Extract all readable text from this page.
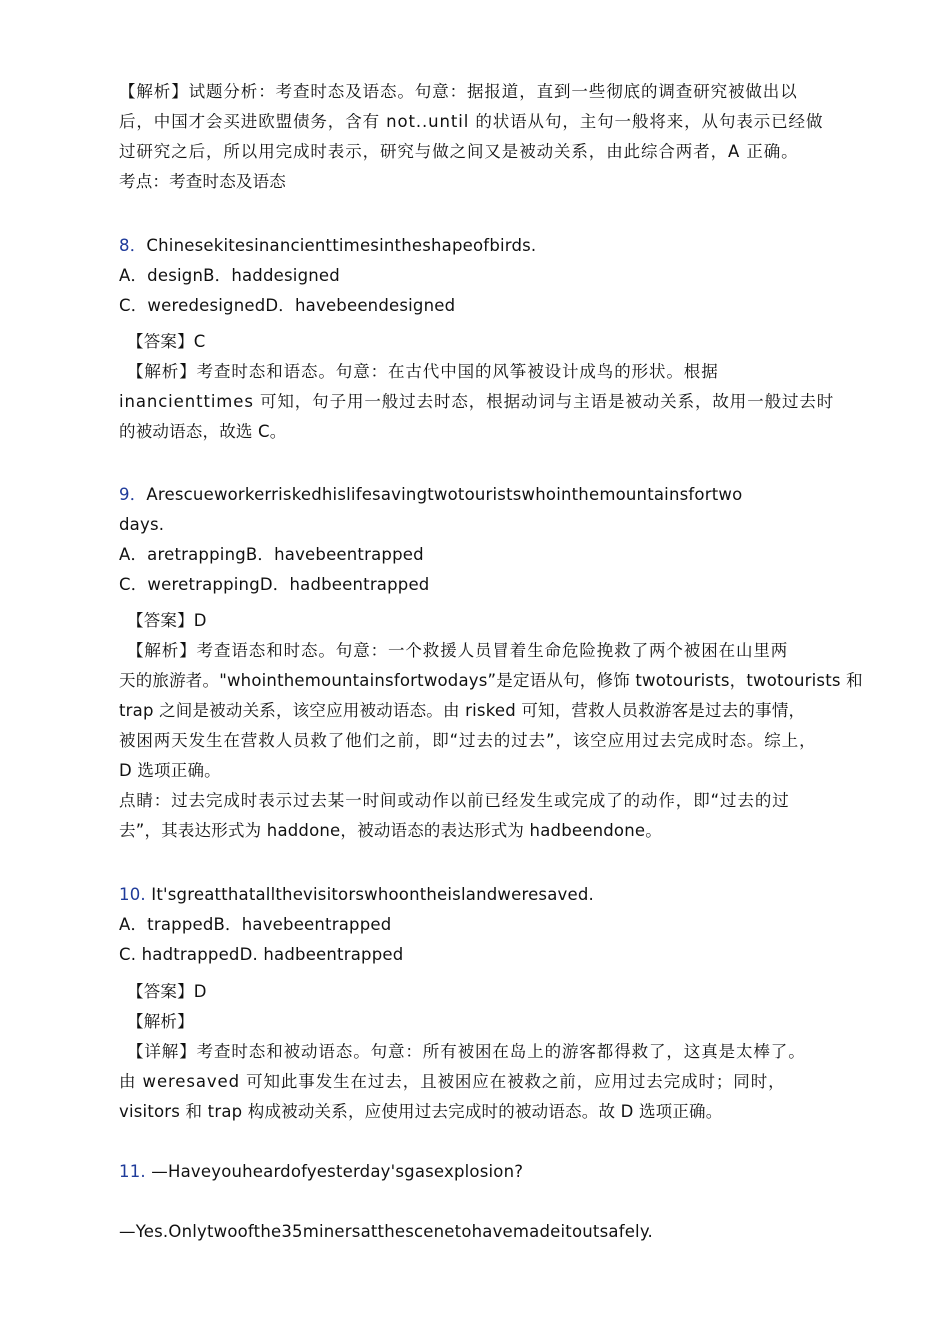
【解析】试题分析：考查时态及语态。句意：据报道，直到一些彻底的调查研究被做出以
后，中国才会买进欧盟债务，含有 not..until 的状语从句，主句一般将来，从句表示已经做
过研究之后，所以用完成时表示，研究与做之间又是被动关系，由此综合两者，A 正确。
考点：考查时态及语态
8．Chinesekitesinancienttimesintheshapeofbirds.
A．designB．haddesigned
C．weredesignedD．havebeendesigned
【答案】C
【解析】考查时态和语态。句意：在古代中国的风筝被设计成鸟的形状。根据
inancienttimes 可知，句子用一般过去时态，根据动词与主语是被动关系，故用一般过去时
的被动语态，故选 C。
9．Arescueworkerriskedhislifesavingtwotouristswhointhemountainsfortwo
days.
A．aretrappingB．havebeentrapped
C．weretrappingD．hadbeentrapped
【答案】D
【解析】考查语态和时态。句意：一个救援人员冒着生命危险挽救了两个被困在山里两
天的旅游者。"whointhemountainsfortwodays”是定语从句，修饰 twotourists，twotourists 和
trap 之间是被动关系，该空应用被动语态。由 risked 可知，营救人员救游客是过去的事情，
被困两天发生在营救人员救了他们之前，即“过去的过去”，该空应用过去完成时态。综上，
D 选项正确。
点睛：过去完成时表示过去某一时间或动作以前已经发生或完成了的动作，即“过去的过
去”，其表达形式为 haddone，被动语态的表达形式为 hadbeendone。
10. It'sgreatthatallthevisitorswhoontheislandweresaved.
A．trappedB．havebeentrapped
C. hadtrappedD. hadbeentrapped
【答案】D
【解析】
【详解】考查时态和被动语态。句意：所有被困在岛上的游客都得救了，这真是太棒了。
由 weresaved 可知此事发生在过去，且被困应在被救之前，应用过去完成时；同时，
visitors 和 trap 构成被动关系，应使用过去完成时的被动语态。故 D 选项正确。
11. —Haveyouheardofyesterday'sgasexplosion?
—Yes.Onlytwoofthe35minersatthescenetohavemadeitoutsafely.
